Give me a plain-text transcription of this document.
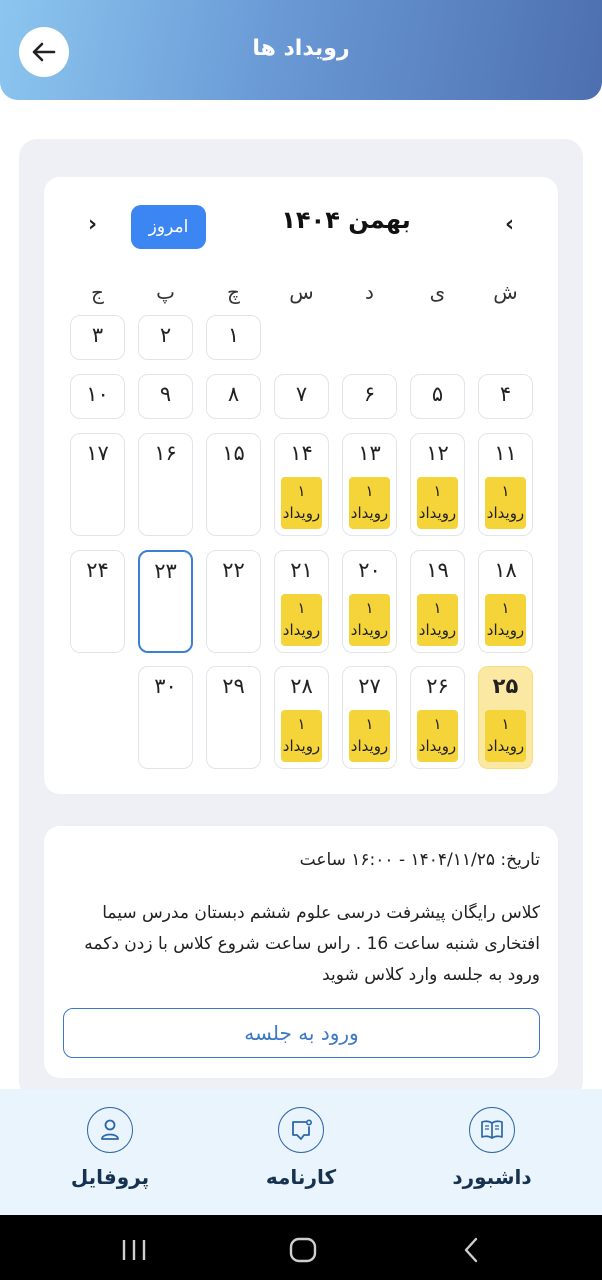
رویداد ها
‹
بهمن ۱۴۰۴
امروز
›
ش
ی
د
س
چ
پ
ج
۱
۲
۳
۴
۵
۶
۷
۸
۹
۱۰
۱۱
۱
رویداد
۱۲
۱
رویداد
۱۳
۱
رویداد
۱۴
۱
رویداد
۱۵
۱۶
۱۷
۱۸
۱
رویداد
۱۹
۱
رویداد
۲۰
۱
رویداد
۲۱
۱
رویداد
۲۲
۲۳
۲۴
۲۵
۱
رویداد
۲۶
۱
رویداد
۲۷
۱
رویداد
۲۸
۱
رویداد
۲۹
۳۰
تاریخ: ۱۴۰۴/۱۱/۲۵ - ۱۶:۰۰ ساعت
کلاس رایگان پیشرفت درسی علوم ششم دبستان مدرس سیما افتخاری شنبه ساعت 16 . راس ساعت شروع کلاس با زدن دکمه ورود به جلسه وارد کلاس شوید
ورود به جلسه
پروفایل	کارنامه	داشبورد
